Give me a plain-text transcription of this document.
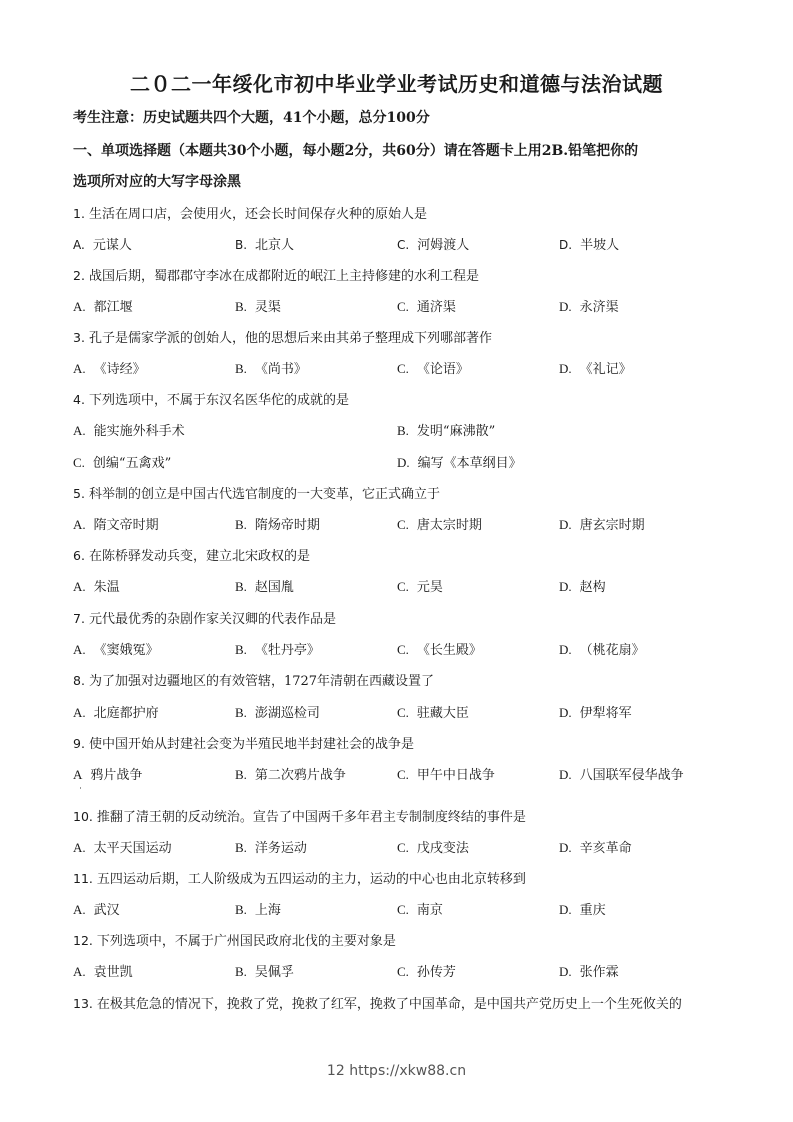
二０二一年绥化市初中毕业学业考试历史和道德与法治试题
考生注意：历史试题共四个大题，41个小题，总分100分
一、单项选择题（本题共30个小题，每小题2分，共60分）请在答题卡上用2B.铅笔把你的
选项所对应的大写字母涂黑
1. 生活在周口店，会使用火，还会长时间保存火种的原始人是
A. 元谋人	B. 北京人	C. 河姆渡人	D. 半坡人
2. 战国后期，蜀郡郡守李冰在成都附近的岷江上主持修建的水利工程是
A. 都江堰	B. 灵渠	C. 通济渠	D. 永济渠
3. 孔子是儒家学派的创始人，他的思想后来由其弟子整理成下列哪部著作
A. 《诗经》	B. 《尚书》	C. 《论语》	D. 《礼记》
4. 下列选项中，不属于东汉名医华佗的成就的是
A. 能实施外科手术	B. 发明“麻沸散”
C. 创编“五禽戏”	D. 编写《本草纲目》
5. 科举制的创立是中国古代选官制度的一大变革，它正式确立于
A. 隋文帝时期	B. 隋炀帝时期	C. 唐太宗时期	D. 唐玄宗时期
6. 在陈桥驿发动兵变，建立北宋政权的是
A. 朱温	B. 赵国胤	C. 元昊	D. 赵构
7. 元代最优秀的杂剧作家关汉卿的代表作品是
A. 《窦娥冤》	B. 《牡丹亭》	C. 《长生殿》	D. （桃花扇》
8. 为了加强对边疆地区的有效管辖，1727年清朝在西藏设置了
A. 北庭都护府	B. 澎湖巡检司	C. 驻藏大臣	D. 伊犁将军
9. 使中国开始从封建社会变为半殖民地半封建社会的战争是
A 鸦片战争	B. 第二次鸦片战争	C. 甲午中日战争	D. 八国联军侵华战争
10. 推翻了清王朝的反动统治。宣告了中国两千多年君主专制制度终结的事件是
A. 太平天国运动	B. 洋务运动	C. 戊戌变法	D. 辛亥革命
11. 五四运动后期，工人阶级成为五四运动的主力，运动的中心也由北京转移到
A. 武汉	B. 上海	C. 南京	D. 重庆
12. 下列选项中，不属于广州国民政府北伐的主要对象是
A. 袁世凯	B. 吴佩孚	C. 孙传芳	D. 张作霖
13. 在极其危急的情况下，挽救了党，挽救了红军，挽救了中国革命，是中国共产党历史上一个生死攸关的
12 https://xkw88.cn
